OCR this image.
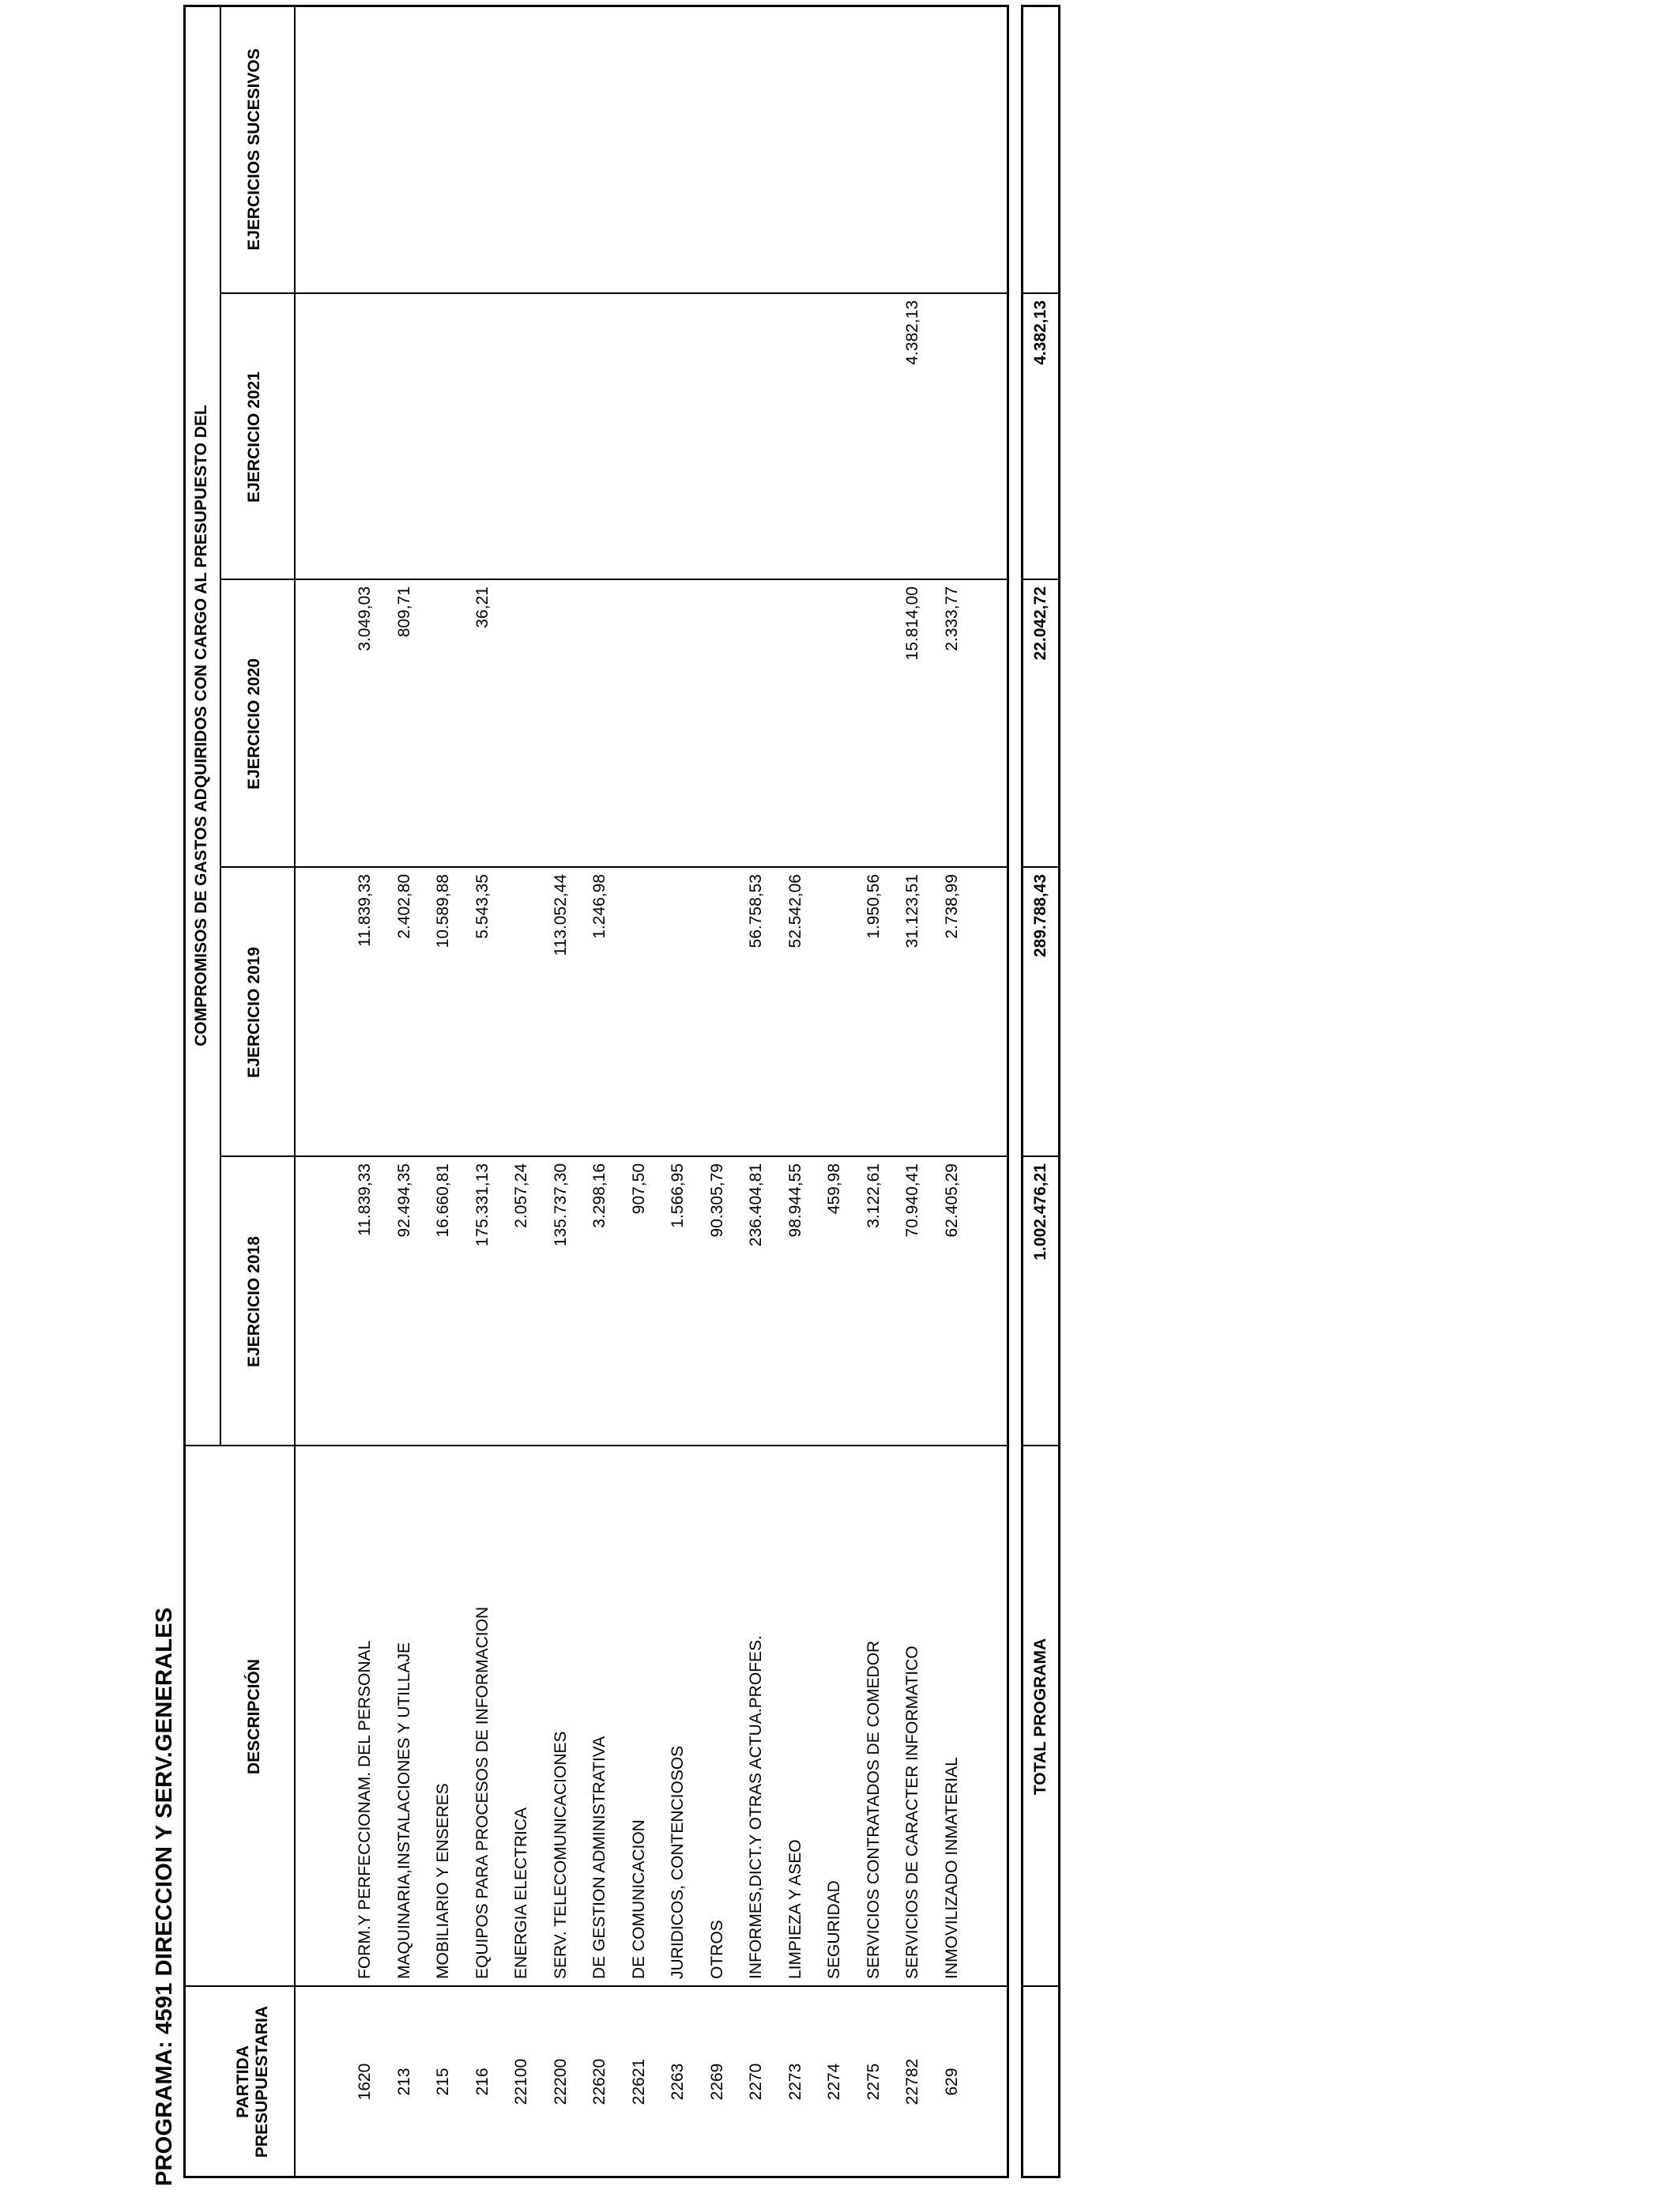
PROGRAMA: 4591 DIRECCION Y SERV.GENERALES	PARTIDA PRESUPUESTARIA
DESCRIPCIÓN
COMPROMISOS DE GASTOS ADQUIRIDOS CON CARGO AL PRESUPUESTO DEL
EJERCICIO 2018
EJERCICIO 2019
EJERCICIO 2020
EJERCICIO 2021
EJERCICIOS SUCESIVOS
1620
FORM.Y PERFECCIONAM. DEL PERSONAL
11.839,33
11.839,33
3.049,03
213
MAQUINARIA,INSTALACIONES Y UTILLAJE
92.494,35
2.402,80
809,71
215
MOBILIARIO Y ENSERES
16.660,81
10.589,88
216
EQUIPOS PARA PROCESOS DE INFORMACION
175.331,13
5.543,35
36,21
22100
ENERGIA ELECTRICA
2.057,24
22200
SERV. TELECOMUNICACIONES
135.737,30
113.052,44
22620
DE GESTION ADMINISTRATIVA
3.298,16
1.246,98
22621
DE COMUNICACION
907,50
2263
JURIDICOS, CONTENCIOSOS
1.566,95
2269
OTROS
90.305,79
2270
INFORMES,DICT.Y OTRAS ACTUA.PROFES.
236.404,81
56.758,53
2273
LIMPIEZA Y ASEO
98.944,55
52.542,06
2274
SEGURIDAD
459,98
2275
SERVICIOS CONTRATADOS DE COMEDOR
3.122,61
1.950,56
22782
SERVICIOS DE CARACTER INFORMATICO
70.940,41
31.123,51
15.814,00
4.382,13
629
INMOVILIZADO INMATERIAL
62.405,29
2.738,99
2.333,77
TOTAL PROGRAMA
1.002.476,21
289.788,43
22.042,72
4.382,13
